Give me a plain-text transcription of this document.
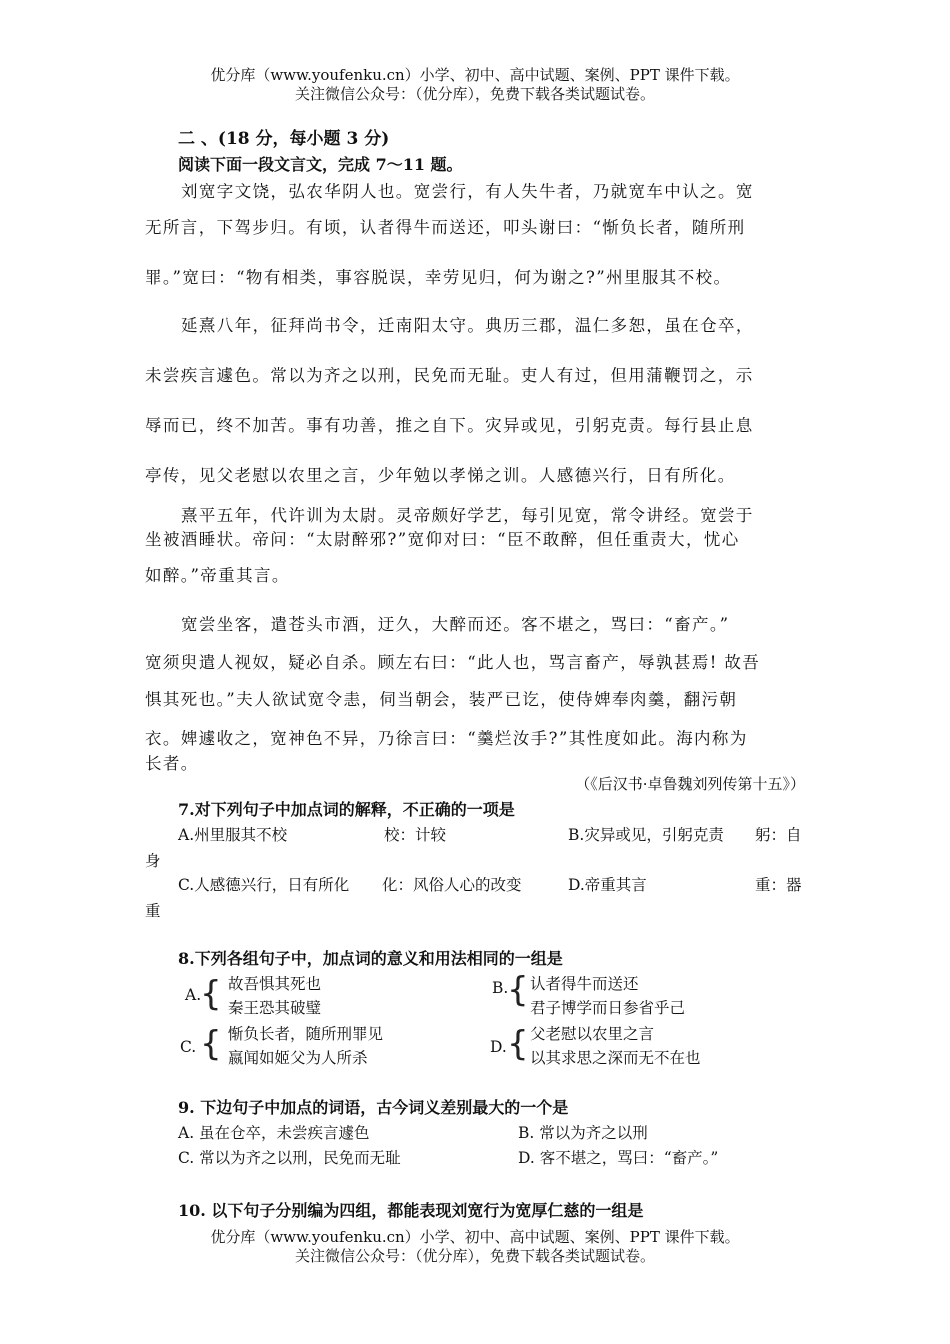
优分库（www.youfenku.cn）小学、初中、高中试题、案例、PPT 课件下载。
关注微信公众号：（优分库），免费下载各类试题试卷。
二 、(18 分，每小题 3 分)
阅读下面一段文言文，完成 7～11 题。
刘宽字文饶，弘农华阴人也。宽尝行，有人失牛者，乃就宽车中认之。宽
无所言，下驾步归。有顷，认者得牛而送还，叩头谢曰：“惭负长者，随所刑
罪。”宽曰：“物有相类，事容脱误，幸劳见归，何为谢之?”州里服其不校。
延熹八年，征拜尚书令，迁南阳太守。典历三郡，温仁多恕，虽在仓卒，
未尝疾言遽色。常以为齐之以刑，民免而无耻。吏人有过，但用蒲鞭罚之，示
辱而已，终不加苦。事有功善，推之自下。灾异或见，引躬克责。每行县止息
亭传，见父老慰以农里之言，少年勉以孝悌之训。人感德兴行，日有所化。
熹平五年，代许训为太尉。灵帝颇好学艺，每引见宽，常令讲经。宽尝于
坐被酒睡状。帝问：“太尉醉邪?”宽仰对曰：“臣不敢醉，但任重责大，忧心
如醉。”帝重其言。
宽尝坐客，遣苍头市酒，迂久，大醉而还。客不堪之，骂曰：“畜产。”
宽须臾遣人视奴，疑必自杀。顾左右曰：“此人也，骂言畜产，辱孰甚焉! 故吾
惧其死也。”夫人欲试宽令恚，伺当朝会，装严已讫，使侍婢奉肉羹，翻污朝
衣。婢遽收之，宽神色不异，乃徐言曰：“羹烂汝手?”其性度如此。海内称为
长者。
（《后汉书·卓鲁魏刘列传第十五》）
7.对下列句子中加点词的解释，不正确的一项是
A.州里服其不校	校：计较	B.灾异或见，引躬克责 躬：自
身
C.人感德兴行，日有所化 化：风俗人心的改变	D.帝重其言	重：器
重
8.下列各组句子中，加点词的意义和用法相同的一组是
A.
{ 故吾惧其死也
秦王恐其破璧
B.
{ 认者得牛而送还
君子博学而日参省乎己
C. { 惭负长者，随所刑罪见
嬴闻如姬父为人所杀
D. { 父老慰以农里之言
以其求思之深而无不在也
9. 下边句子中加点的词语，古今词义差别最大的一个是
A. 虽在仓卒，未尝疾言遽色	B. 常以为齐之以刑
C. 常以为齐之以刑，民免而无耻	D. 客不堪之，骂曰：“畜产。”
10. 以下句子分别编为四组，都能表现刘宽行为宽厚仁慈的一组是
优分库（www.youfenku.cn）小学、初中、高中试题、案例、PPT 课件下载。
关注微信公众号：（优分库），免费下载各类试题试卷。
